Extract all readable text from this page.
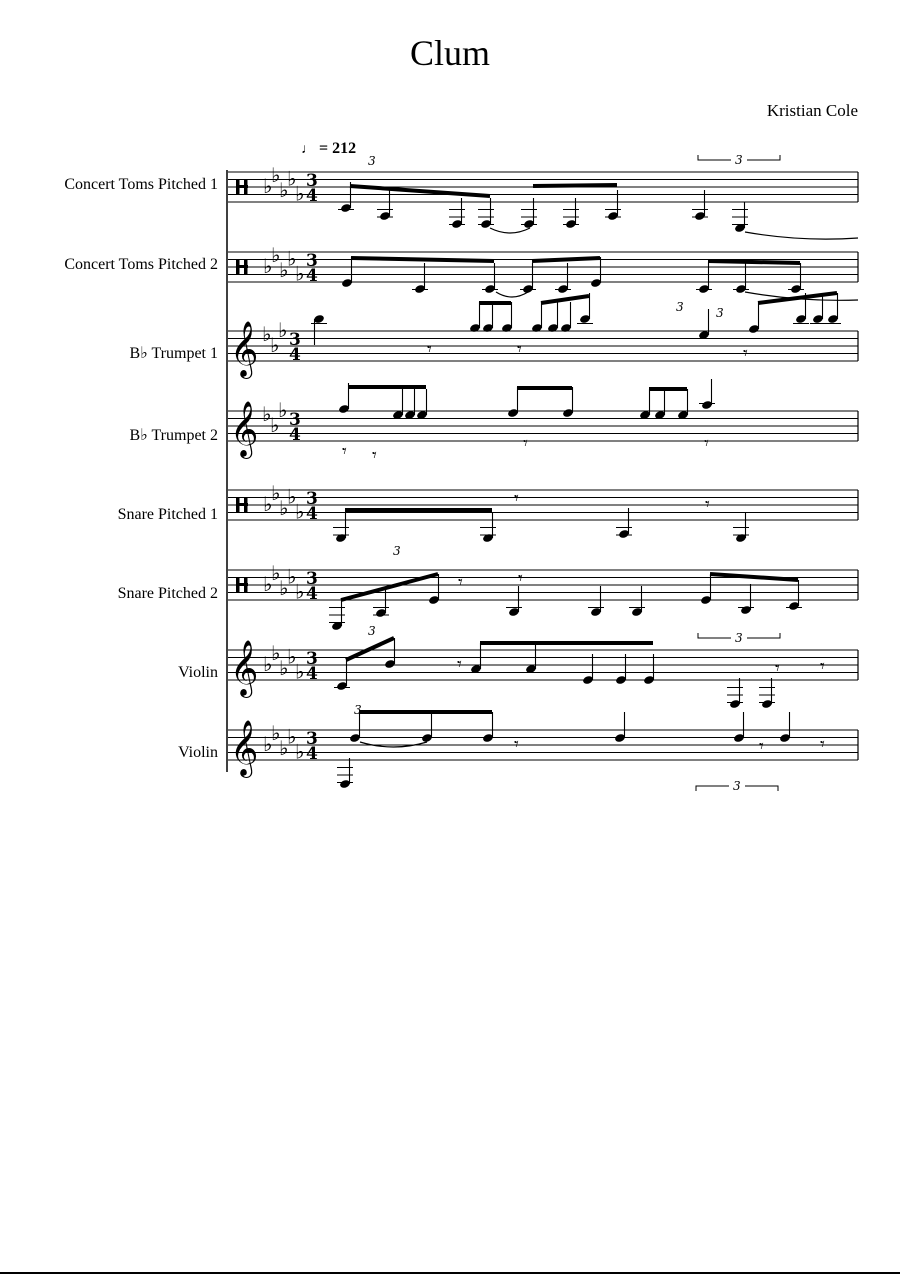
Clum
Kristian Cole
♩ = 212
Concert Toms Pitched 1
Concert Toms Pitched 2
B♭ Trumpet 1
B♭ Trumpet 2
Snare Pitched 1
Snare Pitched 2
Violin
Violin
♭
♭
♭
♭
♭
3
4
♭
♭
♭
♭
♭
3
4
𝄞 ♭
♭
♭ 3
4
𝄞 ♭
♭
♭ 3
4
♭
♭
♭
♭
♭
3
4
♭
♭
♭
♭
♭
3
4
𝄞 ♭
♭
♭
♭
♭
3
4
𝄞 ♭
♭
♭
♭
♭
3
4
𝄾	𝄾	𝄾
𝄾 𝄾
𝄾	𝄾
𝄾	𝄾
𝄾	𝄾
𝄾	𝄾 𝄾
𝄾	𝄾	𝄾
3
3
3
3
3
3
3
3
3
